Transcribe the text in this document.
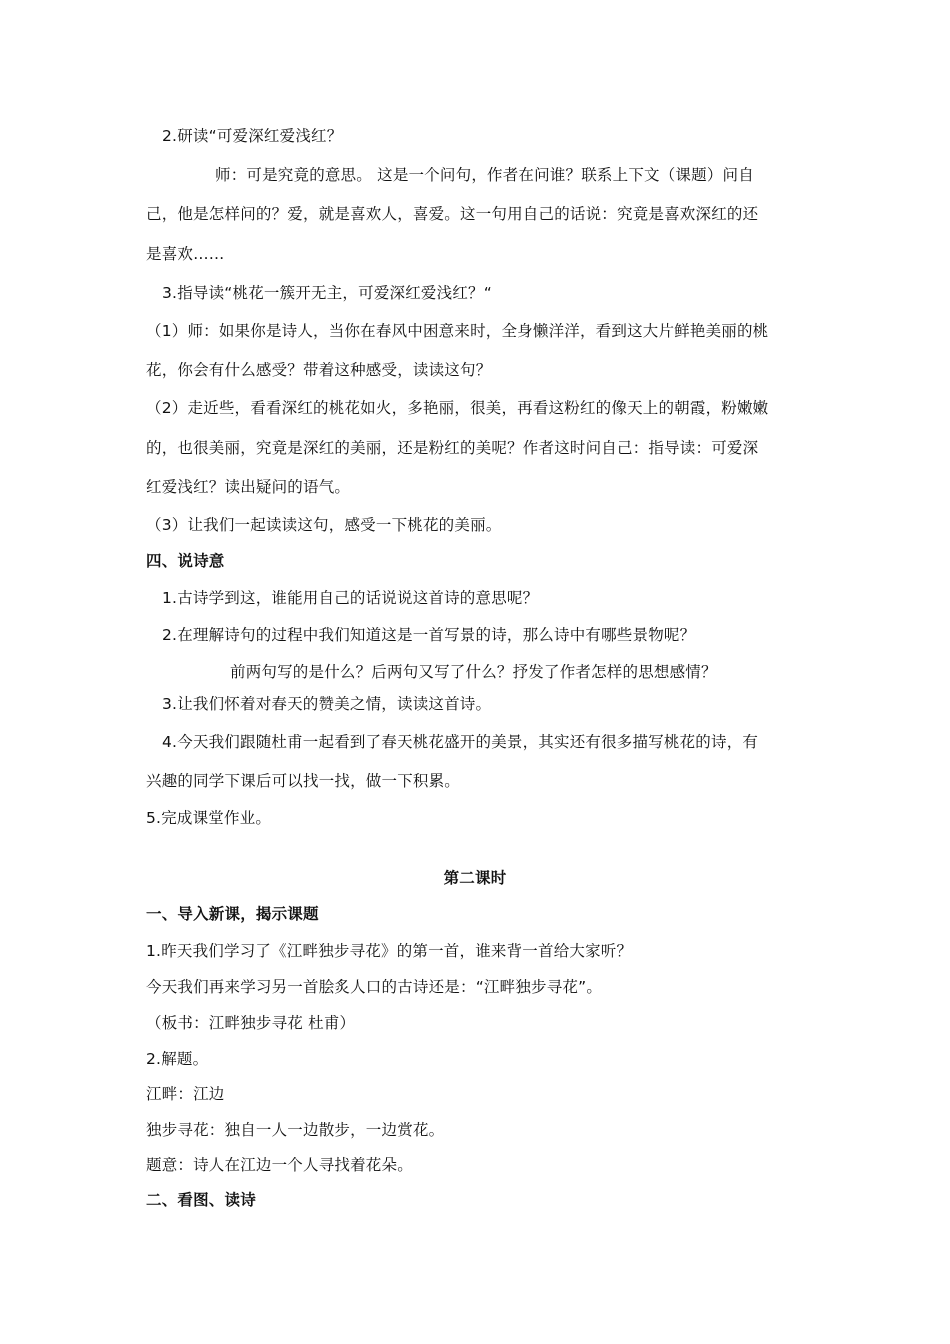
2.研读“可爱深红爱浅红？
师：可是究竟的意思。 这是一个问句，作者在问谁？联系上下文（课题）问自
己，他是怎样问的？爱，就是喜欢人，喜爱。这一句用自己的话说：究竟是喜欢深红的还
是喜欢……
3.指导读“桃花一簇开无主，可爱深红爱浅红？“
（1）师：如果你是诗人，当你在春风中困意来时，全身懒洋洋，看到这大片鲜艳美丽的桃
花，你会有什么感受？带着这种感受，读读这句？
（2）走近些，看看深红的桃花如火，多艳丽，很美，再看这粉红的像天上的朝霞，粉嫩嫩
的，也很美丽，究竟是深红的美丽，还是粉红的美呢？作者这时问自己：指导读：可爱深
红爱浅红？读出疑问的语气。
（3）让我们一起读读这句，感受一下桃花的美丽。
四、说诗意
1.古诗学到这，谁能用自己的话说说这首诗的意思呢？
2.在理解诗句的过程中我们知道这是一首写景的诗，那么诗中有哪些景物呢？
前两句写的是什么？后两句又写了什么？抒发了作者怎样的思想感情？
3.让我们怀着对春天的赞美之情，读读这首诗。
4.今天我们跟随杜甫一起看到了春天桃花盛开的美景，其实还有很多描写桃花的诗，有
兴趣的同学下课后可以找一找，做一下积累。
5.完成课堂作业。
第二课时
一、导入新课，揭示课题
1.昨天我们学习了《江畔独步寻花》的第一首，谁来背一首给大家听？
今天我们再来学习另一首脍炙人口的古诗还是：“江畔独步寻花”。
（板书：江畔独步寻花 杜甫）
2.解题。
江畔：江边
独步寻花：独自一人一边散步，一边赏花。
题意：诗人在江边一个人寻找着花朵。
二、看图、读诗
